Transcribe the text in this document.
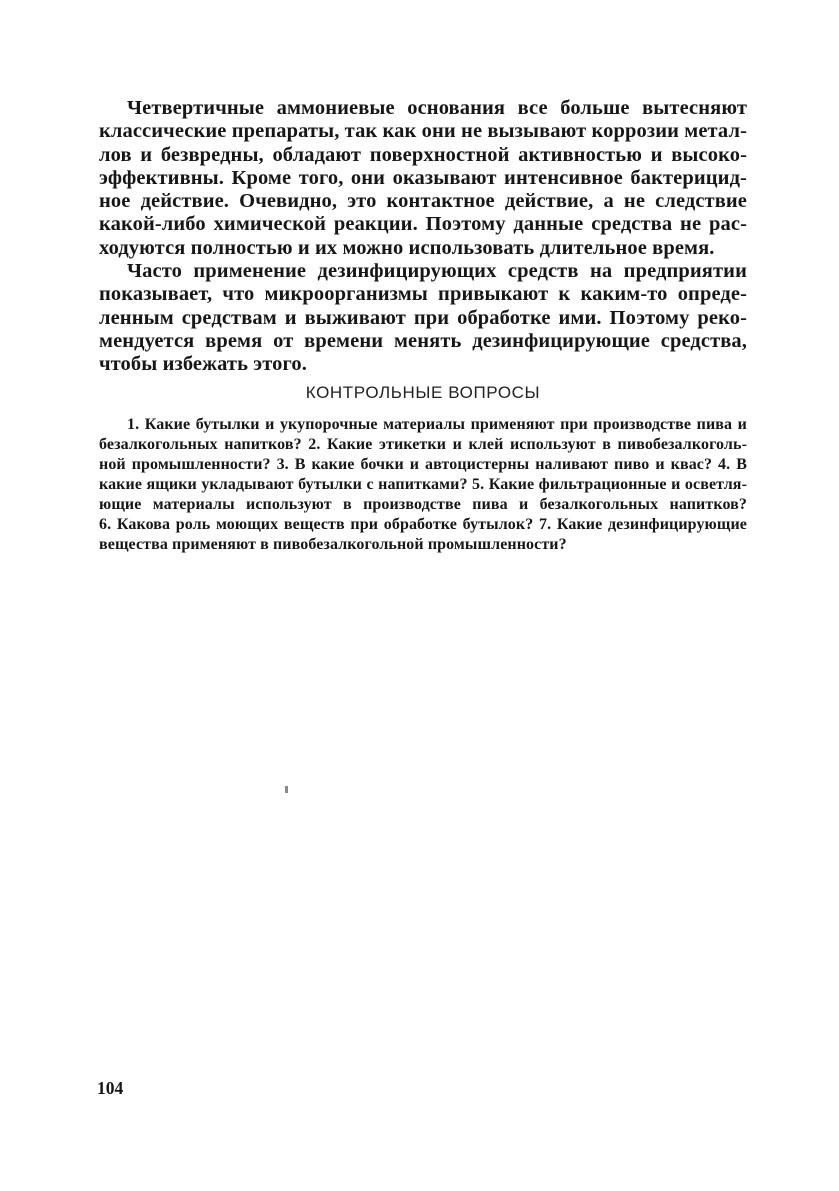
Четвертичные аммониевые основания все больше вытесняют
классические препараты, так как они не вызывают коррозии метал-
лов и безвредны, обладают поверхностной активностью и высоко-
эффективны. Кроме того, они оказывают интенсивное бактерицид-
ное действие. Очевидно, это контактное действие, а не следствие
какой-либо химической реакции. Поэтому данные средства не рас-
ходуются полностью и их можно использовать длительное время.
Часто применение дезинфицирующих средств на предприятии
показывает, что микроорганизмы привыкают к каким-то опреде-
ленным средствам и выживают при обработке ими. Поэтому реко-
мендуется время от времени менять дезинфицирующие средства,
чтобы избежать этого.
КОНТРОЛЬНЫЕ ВОПРОСЫ
1. Какие бутылки и укупорочные материалы применяют при производстве пива и
безалкогольных напитков? 2. Какие этикетки и клей используют в пивобезалкоголь-
ной промышленности? 3. В какие бочки и автоцистерны наливают пиво и квас? 4. В
какие ящики укладывают бутылки с напитками? 5. Какие фильтрационные и осветля-
ющие материалы используют в производстве пива и безалкогольных напитков?
6. Какова роль моющих веществ при обработке бутылок? 7. Какие дезинфицирующие
вещества применяют в пивобезалкогольной промышленности?
104
